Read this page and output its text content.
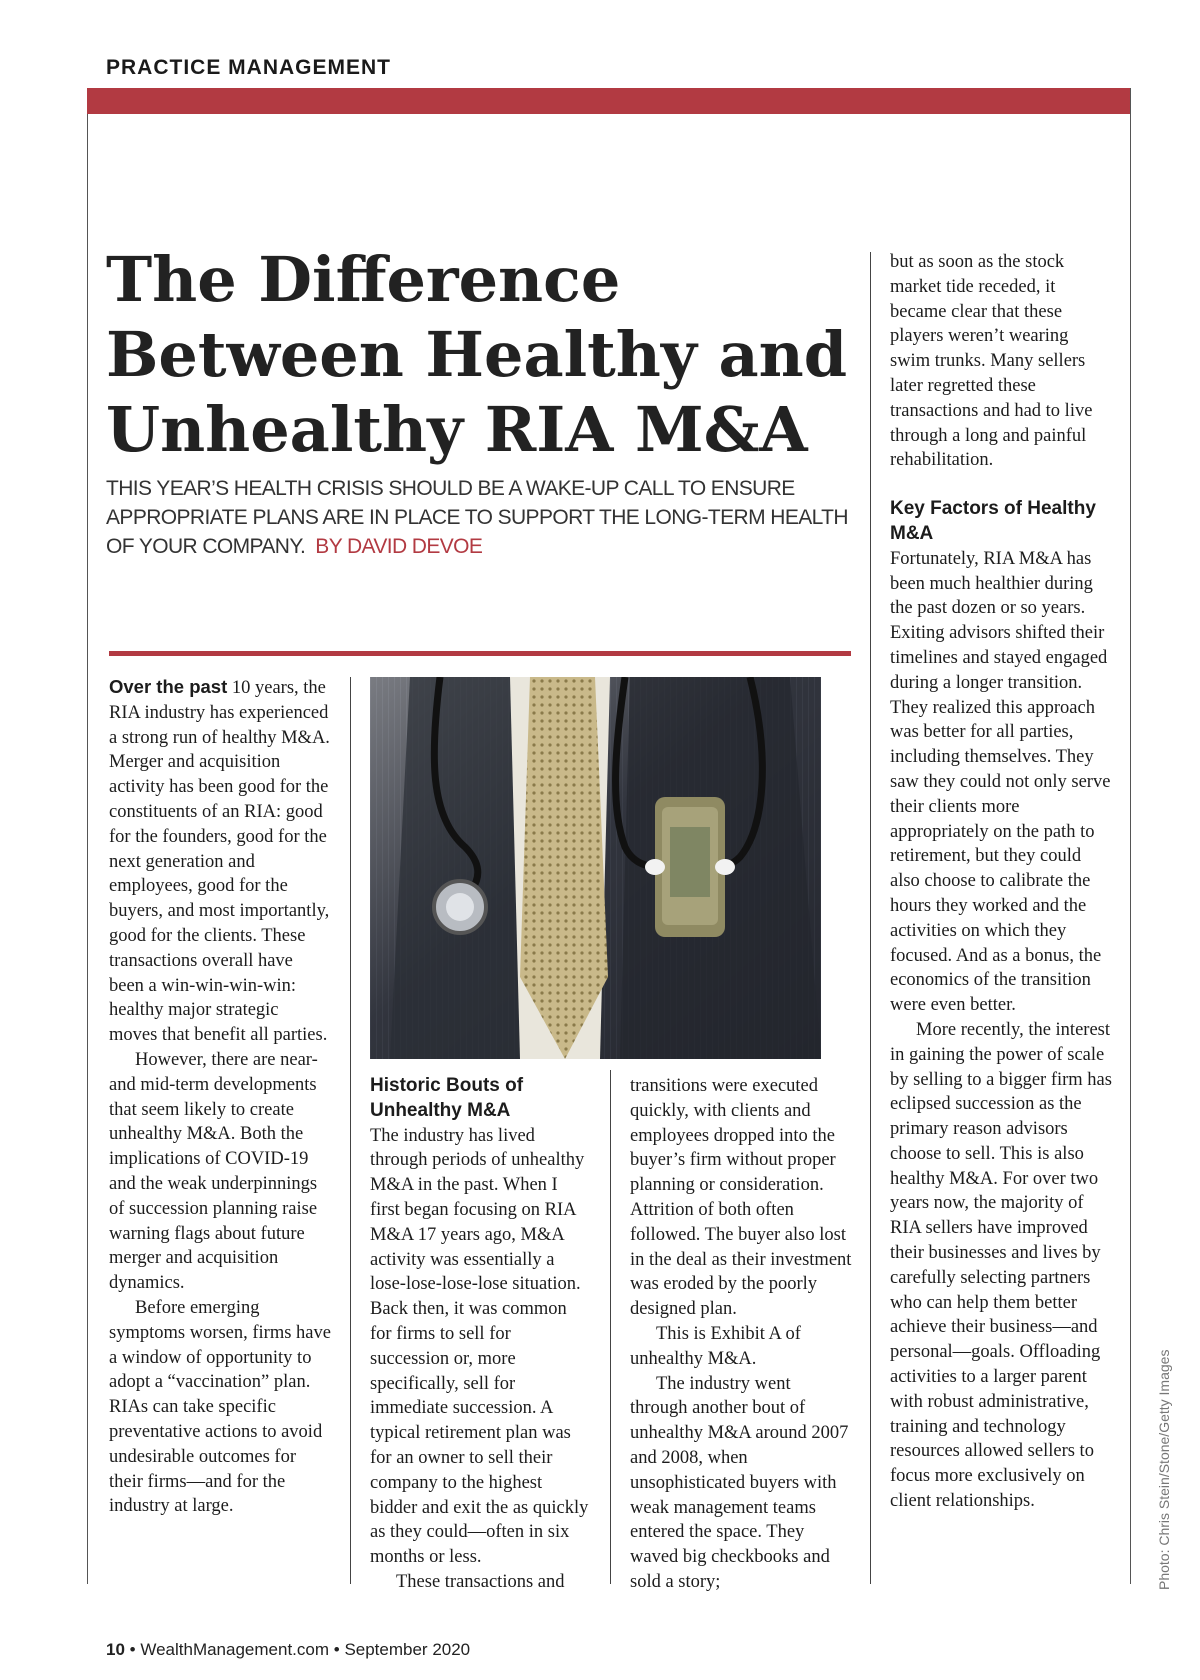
PRACTICE MANAGEMENT
The Difference Between Healthy and Unhealthy RIA M&A

THIS YEAR’S HEALTH CRISIS SHOULD BE A WAKE-UP CALL TO ENSURE APPROPRIATE PLANS ARE IN PLACE TO SUPPORT THE LONG-TERM HEALTH OF YOUR COMPANY. BY DAVID DEVOE

Over the past 10 years, the RIA industry has experienced a strong run of healthy M&A. Merger and acquisition activity has been good for the constituents of an RIA: good for the founders, good for the next generation and employees, good for the buyers, and most importantly, good for the clients. These transactions overall have been a win-win-win-win: healthy major strategic moves that benefit all parties.

However, there are near- and mid-term developments that seem likely to create unhealthy M&A. Both the implications of COVID-19 and the weak underpinnings of succession planning raise warning flags about future merger and acquisition dynamics.

Before emerging symptoms worsen, firms have a window of opportunity to adopt a “vaccination” plan. RIAs can take specific preventative actions to avoid undesirable outcomes for their firms—and for the industry at large.

Historic Bouts of Unhealthy M&A

The industry has lived through periods of unhealthy M&A in the past. When I first began focusing on RIA M&A 17 years ago, M&A activity was essentially a lose-lose-lose-lose situation. Back then, it was common for firms to sell for succession or, more specifically, sell for immediate succession. A typical retirement plan was for an owner to sell their company to the highest bidder and exit the as quickly as they could—often in six months or less.

These transactions and

transitions were executed quickly, with clients and employees dropped into the buyer’s firm without proper planning or consideration. Attrition of both often followed. The buyer also lost in the deal as their investment was eroded by the poorly designed plan.

This is Exhibit A of unhealthy M&A.

The industry went through another bout of unhealthy M&A around 2007 and 2008, when unsophisticated buyers with weak management teams entered the space. They waved big checkbooks and sold a story;

but as soon as the stock market tide receded, it became clear that these players weren’t wearing swim trunks. Many sellers later regretted these transactions and had to live through a long and painful rehabilitation.

Key Factors of Healthy M&A

Fortunately, RIA M&A has been much healthier during the past dozen or so years. Exiting advisors shifted their timelines and stayed engaged during a longer transition. They realized this approach was better for all parties, including themselves. They saw they could not only serve their clients more appropriately on the path to retirement, but they could also choose to calibrate the hours they worked and the activities on which they focused. And as a bonus, the economics of the transition were even better.

More recently, the interest in gaining the power of scale by selling to a bigger firm has eclipsed succession as the primary reason advisors choose to sell. This is also healthy M&A. For over two years now, the majority of RIA sellers have improved their businesses and lives by carefully selecting partners who can help them better achieve their business—and personal—goals. Offloading activities to a larger parent with robust administrative, training and technology resources allowed sellers to focus more exclusively on client relationships.	Photo: Chris Stein/Stone/Getty Images
10 • WealthManagement.com • September 2020
